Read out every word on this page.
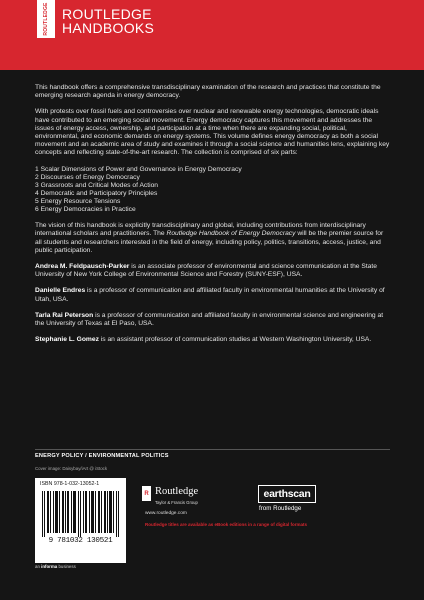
ROUTLEDGE ROUTLEDGE
HANDBOOKS

This handbook offers a comprehensive transdisciplinary examination of the research and practices that constitute the emerging research agenda in energy democracy.

With protests over fossil fuels and controversies over nuclear and renewable energy technologies, democratic ideals have contributed to an emerging social movement. Energy democracy captures this movement and addresses the issues of energy access, ownership, and participation at a time when there are expanding social, political, environmental, and economic demands on energy systems. This volume defines energy democracy as both a social movement and an academic area of study and examines it through a social science and humanities lens, explaining key concepts and reflecting state-of-the-art research. The collection is comprised of six parts:

1 Scalar Dimensions of Power and Governance in Energy Democracy
2 Discourses of Energy Democracy
3 Grassroots and Critical Modes of Action
4 Democratic and Participatory Principles
5 Energy Resource Tensions
6 Energy Democracies in Practice

The vision of this handbook is explicitly transdisciplinary and global, including contributions from interdisciplinary international scholars and practitioners. The Routledge Handbook of Energy Democracy will be the premier source for all students and researchers interested in the field of energy, including policy, politics, transitions, access, justice, and public participation.

Andrea M. Feldpausch-Parker is an associate professor of environmental and science communication at the State University of New York College of Environmental Science and Forestry (SUNY-ESF), USA.
Danielle Endres is a professor of communication and affiliated faculty in environmental humanities at the University of Utah, USA.
Tarla Rai Peterson is a professor of communication and affiliated faculty in environmental science and engineering at the University of Texas at El Paso, USA.
Stephanie L. Gomez is an assistant professor of communication studies at Western Washington University, USA.
ENERGY POLICY / ENVIRONMENTAL POLITICS
Cover image: Daisybay/iArt @ iStock
ISBN 978-1-032-13052-1
9 781032 130521
an informa business
R Routledge
Taylor & Francis Group
www.routledge.com
earthscan
from Routledge
Routledge titles are available as eBook editions in a range of digital formats
